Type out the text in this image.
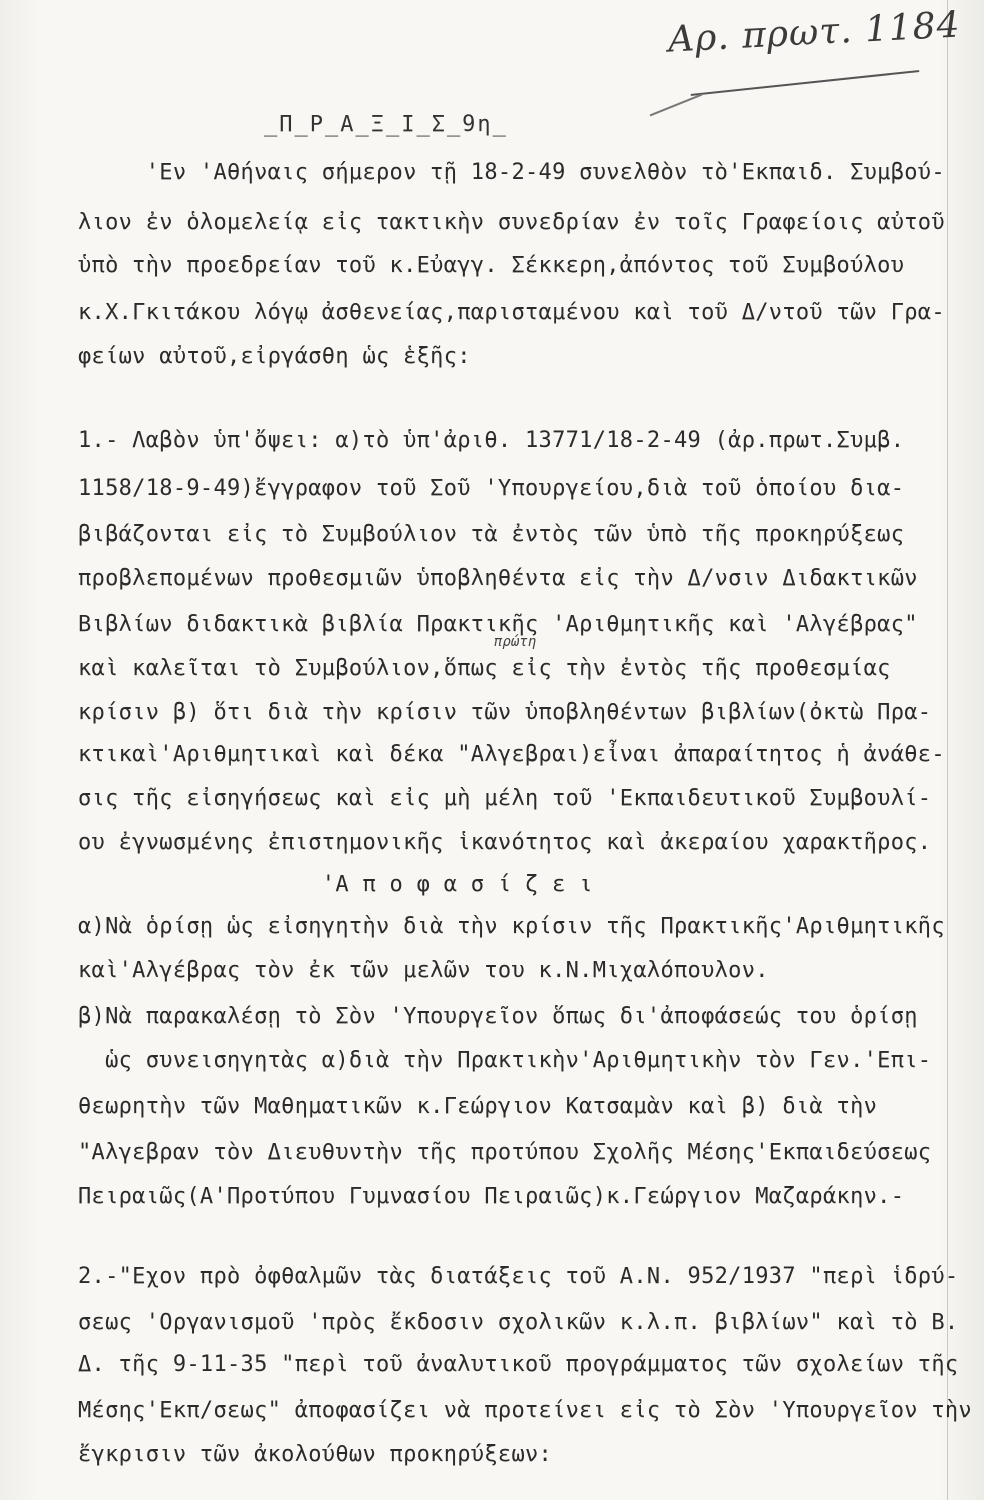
Αρ. πρωτ. 1184
_Π_Ρ_Α_Ξ_Ι_Σ_9η_
'Εν 'Αθήναις σήμερον τῇ 18-2-49 συνελθὸν τὸ'Εκπαιδ. Συμβού-
λιον ἐν ὁλομελείᾳ εἰς τακτικὴν συνεδρίαν ἐν τοῖς Γραφείοις αὐτοῦ
ὑπὸ τὴν προεδρείαν τοῦ κ.Εὐαγγ. Σέκκερη,ἀπόντος τοῦ Συμβούλου
κ.Χ.Γκιτάκου λόγῳ ἀσθενείας,παρισταμένου καὶ τοῦ Δ/ντοῦ τῶν Γρα-
φείων αὐτοῦ,εἰργάσθη ὡς ἑξῆς:
1.- Λαβὸν ὑπ'ὄψει: α)τὸ ὑπ'ἀριθ. 13771/18-2-49 (ἀρ.πρωτ.Συμβ.
1158/18-9-49)ἔγγραφον τοῦ Σοῦ 'Υπουργείου,διὰ τοῦ ὁποίου δια-
βιβάζονται εἰς τὸ Συμβούλιον τὰ ἐντὸς τῶν ὑπὸ τῆς προκηρύξεως
προβλεπομένων προθεσμιῶν ὑποβληθέντα εἰς τὴν Δ/νσιν Διδακτικῶν
Βιβλίων διδακτικὰ βιβλία Πρακτικῆς 'Αριθμητικῆς καὶ 'Αλγέβρας"
πρώτη
καὶ καλεῖται τὸ Συμβούλιον,ὅπως εἰς τὴν ἐντὸς τῆς προθεσμίας
κρίσιν β) ὅτι διὰ τὴν κρίσιν τῶν ὑποβληθέντων βιβλίων(ὀκτὼ Πρα-
κτικαὶ'Αριθμητικαὶ καὶ δέκα "Αλγεβραι)εἶναι ἀπαραίτητος ἡ ἀνάθε-
σις τῆς εἰσηγήσεως καὶ εἰς μὴ μέλη τοῦ 'Εκπαιδευτικοῦ Συμβουλί-
ου ἐγνωσμένης ἐπιστημονικῆς ἱκανότητος καὶ ἀκεραίου χαρακτῆρος.
'Α π ο φ α σ ί ζ ε ι
α)Νὰ ὁρίσῃ ὡς εἰσηγητὴν διὰ τὴν κρίσιν τῆς Πρακτικῆς'Αριθμητικῆς
καὶ'Αλγέβρας τὸν ἐκ τῶν μελῶν του κ.Ν.Μιχαλόπουλον.
β)Νὰ παρακαλέσῃ τὸ Σὸν 'Υπουργεῖον ὅπως δι'ἀποφάσεώς του ὁρίσῃ
ὡς συνεισηγητὰς α)διὰ τὴν Πρακτικὴν'Αριθμητικὴν τὸν Γεν.'Επι-
θεωρητὴν τῶν Μαθηματικῶν κ.Γεώργιον Κατσαμὰν καὶ β) διὰ τὴν
"Αλγεβραν τὸν Διευθυντὴν τῆς προτύπου Σχολῆς Μέσης'Εκπαιδεύσεως
Πειραιῶς(Α'Προτύπου Γυμνασίου Πειραιῶς)κ.Γεώργιον Μαζαράκην.-
2.-"Εχον πρὸ ὀφθαλμῶν τὰς διατάξεις τοῦ Α.Ν. 952/1937 "περὶ ἱδρύ-
σεως 'Οργανισμοῦ 'πρὸς ἔκδοσιν σχολικῶν κ.λ.π. βιβλίων" καὶ τὸ Β.
Δ. τῆς 9-11-35 "περὶ τοῦ ἀναλυτικοῦ προγράμματος τῶν σχολείων τῆς
Μέσης'Εκπ/σεως" ἀποφασίζει νὰ προτείνει εἰς τὸ Σὸν 'Υπουργεῖον τὴν
ἔγκρισιν τῶν ἀκολούθων προκηρύξεων:
